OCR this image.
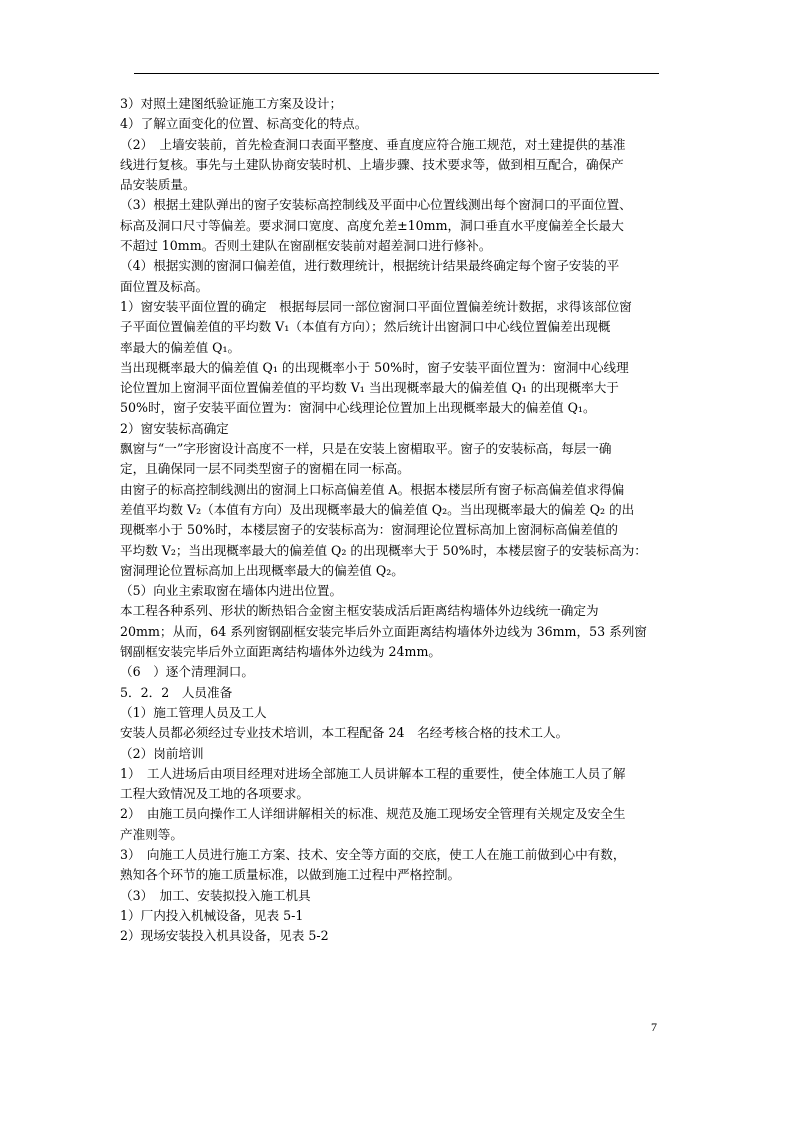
3）对照土建图纸验证施工方案及设计；

4）了解立面变化的位置、标高变化的特点。

（2）　上墙安装前，首先检查洞口表面平整度、垂直度应符合施工规范，对土建提供的基准
线进行复核。事先与土建队协商安装时机、上墙步骤、技术要求等，做到相互配合，确保产
品安装质量。

（3）根据土建队弹出的窗子安装标高控制线及平面中心位置线测出每个窗洞口的平面位置、
标高及洞口尺寸等偏差。要求洞口宽度、高度允差±10mm，洞口垂直水平度偏差全长最大
不超过 10mm。否则土建队在窗副框安装前对超差洞口进行修补。

（4）根据实测的窗洞口偏差值，进行数理统计，根据统计结果最终确定每个窗子安装的平
面位置及标高。

1）窗安装平面位置的确定　根据每层同一部位窗洞口平面位置偏差统计数据，求得该部位窗
子平面位置偏差值的平均数 V₁（本值有方向）；然后统计出窗洞口中心线位置偏差出现概
率最大的偏差值 Q₁。

当出现概率最大的偏差值 Q₁ 的出现概率小于 50%时，窗子安装平面位置为：窗洞中心线理
论位置加上窗洞平面位置偏差值的平均数 V₁ 当出现概率最大的偏差值 Q₁ 的出现概率大于
50%时，窗子安装平面位置为：窗洞中心线理论位置加上出现概率最大的偏差值 Q₁。

2）窗安装标高确定

飘窗与“一”字形窗设计高度不一样，只是在安装上窗楣取平。窗子的安装标高，每层一确
定，且确保同一层不同类型窗子的窗楣在同一标高。

由窗子的标高控制线测出的窗洞上口标高偏差值 A。根据本楼层所有窗子标高偏差值求得偏
差值平均数 V₂（本值有方向）及出现概率最大的偏差值 Q₂。当出现概率最大的偏差 Q₂ 的出
现概率小于 50%时，本楼层窗子的安装标高为：窗洞理论位置标高加上窗洞标高偏差值的
平均数 V₂；当出现概率最大的偏差值 Q₂ 的出现概率大于 50%时，本楼层窗子的安装标高为：
窗洞理论位置标高加上出现概率最大的偏差值 Q₂。

（5）向业主索取窗在墙体内进出位置。

本工程各种系列、形状的断热铝合金窗主框安装成活后距离结构墙体外边线统一确定为
20mm；从而，64 系列窗钢副框安装完毕后外立面距离结构墙体外边线为 36mm，53 系列窗
钢副框安装完毕后外立面距离结构墙体外边线为 24mm。

（6　）逐个清理洞口。

5．2．2　人员准备

（1）施工管理人员及工人

安装人员都必须经过专业技术培训，本工程配备 24　名经考核合格的技术工人。

（2）岗前培训

1）　工人进场后由项目经理对进场全部施工人员讲解本工程的重要性，使全体施工人员了解
工程大致情况及工地的各项要求。

2）　由施工员向操作工人详细讲解相关的标准、规范及施工现场安全管理有关规定及安全生
产准则等。

3）　向施工人员进行施工方案、技术、安全等方面的交底，使工人在施工前做到心中有数，
熟知各个环节的施工质量标准，以做到施工过程中严格控制。

（3）　加工、安装拟投入施工机具

1）厂内投入机械设备，见表 5-1

2）现场安装投入机具设备，见表 5-2

7
